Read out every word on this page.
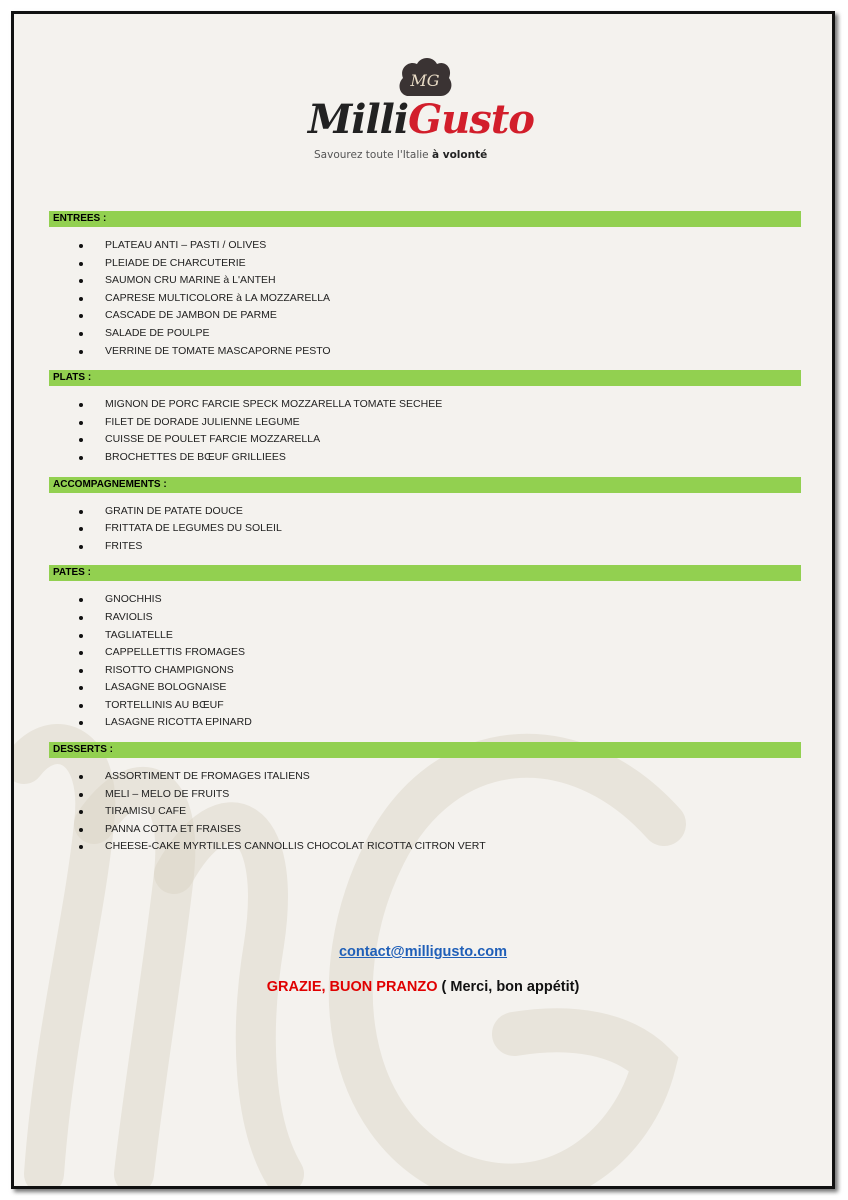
MG
MilliGusto
Savourez toute l'Italie à volonté
ENTREES :
PLATEAU ANTI – PASTI / OLIVES
PLEIADE DE CHARCUTERIE
SAUMON CRU MARINE à L'ANTEH
CAPRESE MULTICOLORE à LA MOZZARELLA
CASCADE DE JAMBON DE PARME
SALADE DE POULPE
VERRINE DE TOMATE MASCAPORNE PESTO
PLATS :
MIGNON DE PORC FARCIE SPECK MOZZARELLA TOMATE SECHEE
FILET DE DORADE JULIENNE LEGUME
CUISSE DE POULET FARCIE MOZZARELLA
BROCHETTES DE BŒUF GRILLIEES
ACCOMPAGNEMENTS :
GRATIN DE PATATE DOUCE
FRITTATA DE LEGUMES DU SOLEIL
FRITES
PATES :
GNOCHHIS
RAVIOLIS
TAGLIATELLE
CAPPELLETTIS FROMAGES
RISOTTO CHAMPIGNONS
LASAGNE BOLOGNAISE
TORTELLINIS AU BŒUF
LASAGNE RICOTTA EPINARD
DESSERTS :
ASSORTIMENT DE FROMAGES ITALIENS
MELI – MELO DE FRUITS
TIRAMISU CAFE
PANNA COTTA ET FRAISES
CHEESE-CAKE MYRTILLES CANNOLLIS CHOCOLAT RICOTTA CITRON VERT
contact@milligusto.com
GRAZIE, BUON PRANZO ( Merci, bon appétit)
